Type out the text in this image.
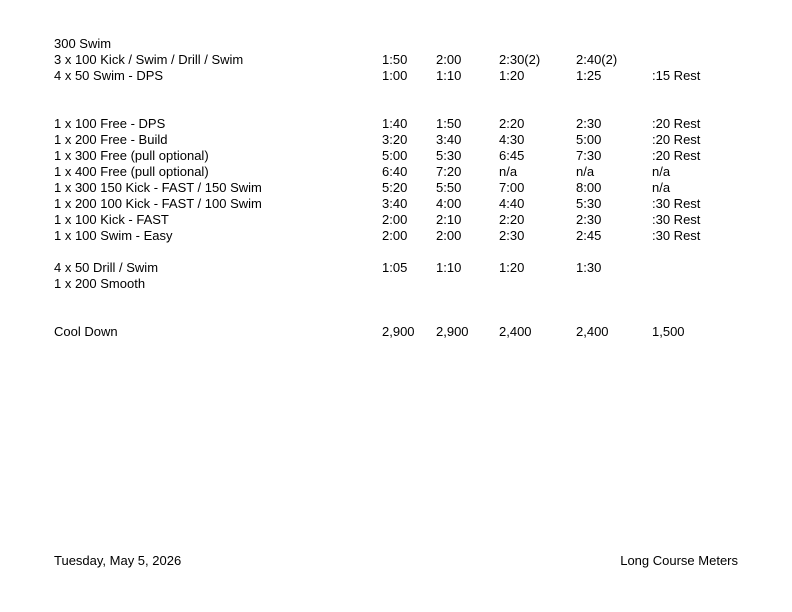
300 Swim
3 x 100 Kick / Swim / Drill / Swim	1:50 2:00	2:30(2)	2:40(2)
4 x 50 Swim - DPS	1:00 1:10	1:20	1:25	:15 Rest
1 x 100 Free - DPS	1:40 1:50	2:20	2:30	:20 Rest
1 x 200 Free - Build	3:20 3:40	4:30	5:00	:20 Rest
1 x 300 Free (pull optional)	5:00 5:30	6:45	7:30	:20 Rest
1 x 400 Free (pull optional)	6:40 7:20	n/a	n/a	n/a
1 x 300 150 Kick - FAST / 150 Swim	5:20 5:50	7:00	8:00	n/a
1 x 200 100 Kick - FAST / 100 Swim	3:40 4:00	4:40	5:30	:30 Rest
1 x 100 Kick - FAST	2:00 2:10	2:20	2:30	:30 Rest
1 x 100 Swim - Easy	2:00 2:00	2:30	2:45	:30 Rest
4 x 50 Drill / Swim	1:05 1:10	1:20	1:30
1 x 200 Smooth
Cool Down	2,900 2,900 2,400	2,400	1,500
Tuesday, May 5, 2026	Long Course Meters
